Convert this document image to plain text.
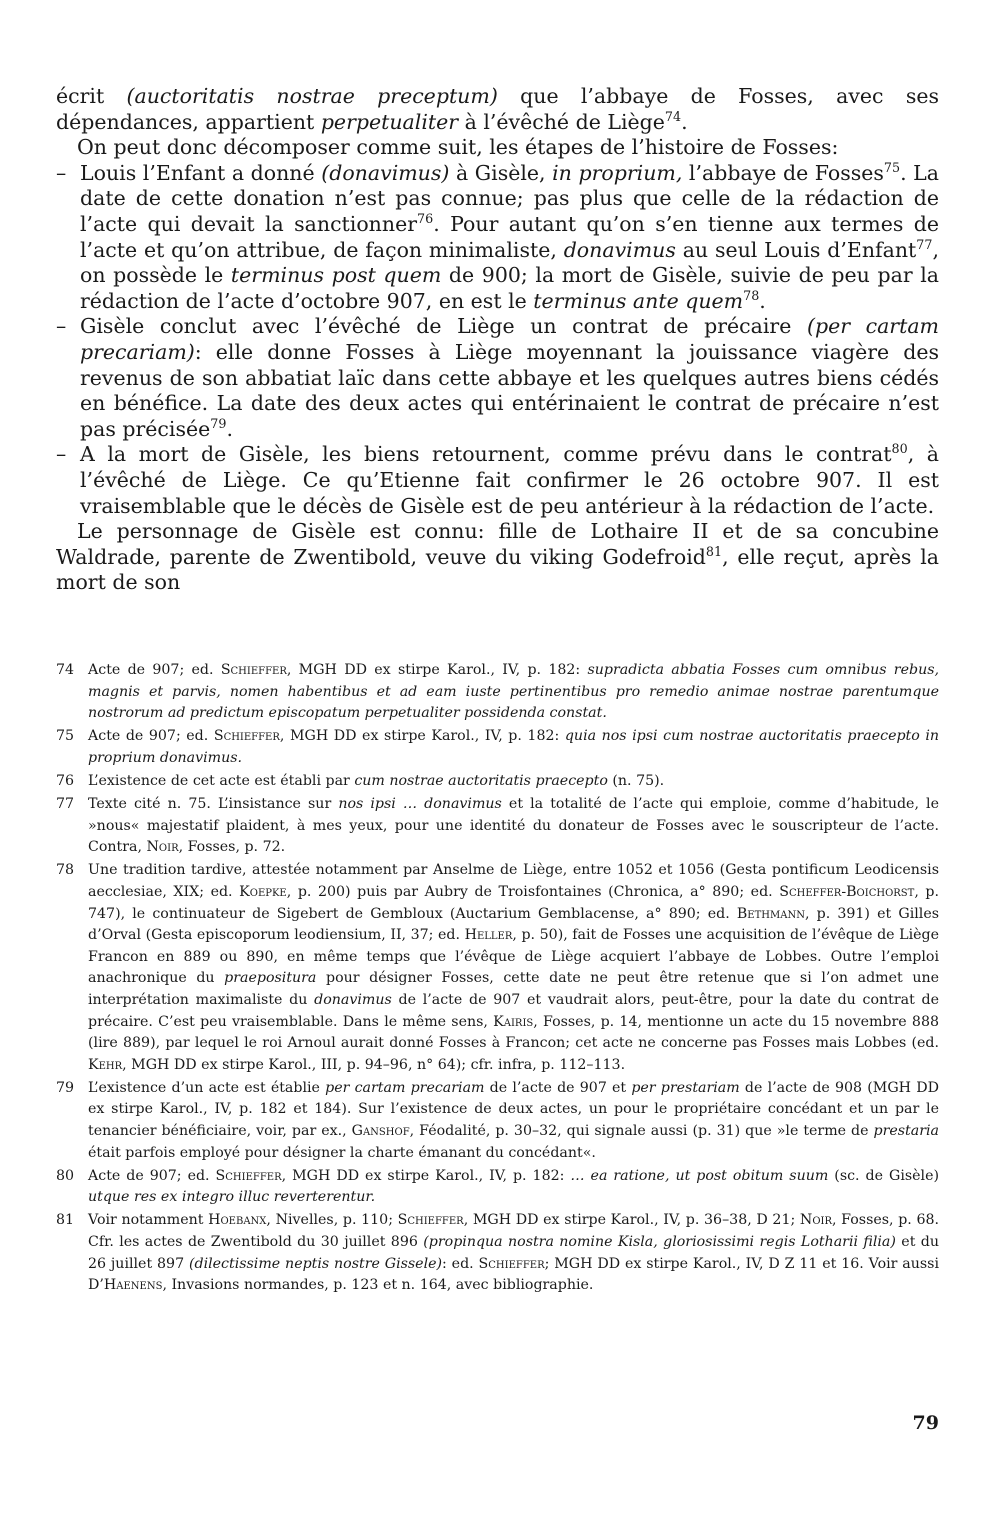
écrit (auctoritatis nostrae preceptum) que l’abbaye de Fosses, avec ses dépendances, appartient perpetualiter à l’évêché de Liège$^{74}$.

On peut donc décomposer comme suit, les étapes de l’histoire de Fosses:

– Louis l’Enfant a donné (donavimus) à Gisèle, in proprium, l’abbaye de Fosses$^{75}$. La date de cette donation n’est pas connue; pas plus que celle de la rédaction de l’acte qui devait la sanctionner$^{76}$. Pour autant qu’on s’en tienne aux termes de l’acte et qu’on attribue, de façon minimaliste, donavimus au seul Louis d’Enfant$^{77}$, on possède le terminus post quem de 900; la mort de Gisèle, suivie de peu par la rédaction de l’acte d’octobre 907, en est le terminus ante quem$^{78}$.
– Gisèle conclut avec l’évêché de Liège un contrat de précaire (per cartam precariam): elle donne Fosses à Liège moyennant la jouissance viagère des revenus de son abbatiat laïc dans cette abbaye et les quelques autres biens cédés en bénéfice. La date des deux actes qui entérinaient le contrat de précaire n’est pas précisée$^{79}$.
– A la mort de Gisèle, les biens retournent, comme prévu dans le contrat$^{80}$, à l’évêché de Liège. Ce qu’Etienne fait confirmer le 26 octobre 907. Il est vraisemblable que le décès de Gisèle est de peu antérieur à la rédaction de l’acte.

Le personnage de Gisèle est connu: fille de Lothaire II et de sa concubine Waldrade, parente de Zwentibold, veuve du viking Godefroid$^{81}$, elle reçut, après la mort de son

74 Acte de 907; ed. Schieffer, MGH DD ex stirpe Karol., IV, p. 182: supradicta abbatia Fosses cum omnibus rebus, magnis et parvis, nomen habentibus et ad eam iuste pertinentibus pro remedio animae nostrae parentumque nostrorum ad predictum episcopatum perpetualiter possidenda constat.
75 Acte de 907; ed. Schieffer, MGH DD ex stirpe Karol., IV, p. 182: quia nos ipsi cum nostrae auctoritatis praecepto in proprium donavimus.
76 L’existence de cet acte est établi par cum nostrae auctoritatis praecepto (n. 75).
77 Texte cité n. 75. L’insistance sur nos ipsi … donavimus et la totalité de l’acte qui emploie, comme d’habitude, le »nous« majestatif plaident, à mes yeux, pour une identité du donateur de Fosses avec le souscripteur de l’acte. Contra, Noir, Fosses, p. 72.
78 Une tradition tardive, attestée notamment par Anselme de Liège, entre 1052 et 1056 (Gesta pontificum Leodicensis aecclesiae, XIX; ed. Koepke, p. 200) puis par Aubry de Troisfontaines (Chronica, a° 890; ed. Scheffer-Boichorst, p. 747), le continuateur de Sigebert de Gembloux (Auctarium Gemblacense, a° 890; ed. Bethmann, p. 391) et Gilles d’Orval (Gesta episcoporum leodiensium, II, 37; ed. Heller, p. 50), fait de Fosses une acquisition de l’évêque de Liège Francon en 889 ou 890, en même temps que l’évêque de Liège acquiert l’abbaye de Lobbes. Outre l’emploi anachronique du praepositura pour désigner Fosses, cette date ne peut être retenue que si l’on admet une interprétation maximaliste du donavimus de l’acte de 907 et vaudrait alors, peut-être, pour la date du contrat de précaire. C’est peu vraisemblable. Dans le même sens, Kairis, Fosses, p. 14, mentionne un acte du 15 novembre 888 (lire 889), par lequel le roi Arnoul aurait donné Fosses à Francon; cet acte ne concerne pas Fosses mais Lobbes (ed. Kehr, MGH DD ex stirpe Karol., III, p. 94–96, n° 64); cfr. infra, p. 112–113.
79 L’existence d’un acte est établie per cartam precariam de l’acte de 907 et per prestariam de l’acte de 908 (MGH DD ex stirpe Karol., IV, p. 182 et 184). Sur l’existence de deux actes, un pour le propriétaire concédant et un par le tenancier bénéficiaire, voir, par ex., Ganshof, Féodalité, p. 30–32, qui signale aussi (p. 31) que »le terme de prestaria était parfois employé pour désigner la charte émanant du concédant«.
80 Acte de 907; ed. Schieffer, MGH DD ex stirpe Karol., IV, p. 182: … ea ratione, ut post obitum suum (sc. de Gisèle) utque res ex integro illuc reverterentur.
81 Voir notamment Hoebanx, Nivelles, p. 110; Schieffer, MGH DD ex stirpe Karol., IV, p. 36–38, D 21; Noir, Fosses, p. 68. Cfr. les actes de Zwentibold du 30 juillet 896 (propinqua nostra nomine Kisla, gloriosissimi regis Lotharii filia) et du 26 juillet 897 (dilectissime neptis nostre Gissele): ed. Schieffer; MGH DD ex stirpe Karol., IV, D Z 11 et 16. Voir aussi D’Haenens, Invasions normandes, p. 123 et n. 164, avec bibliographie.
79
